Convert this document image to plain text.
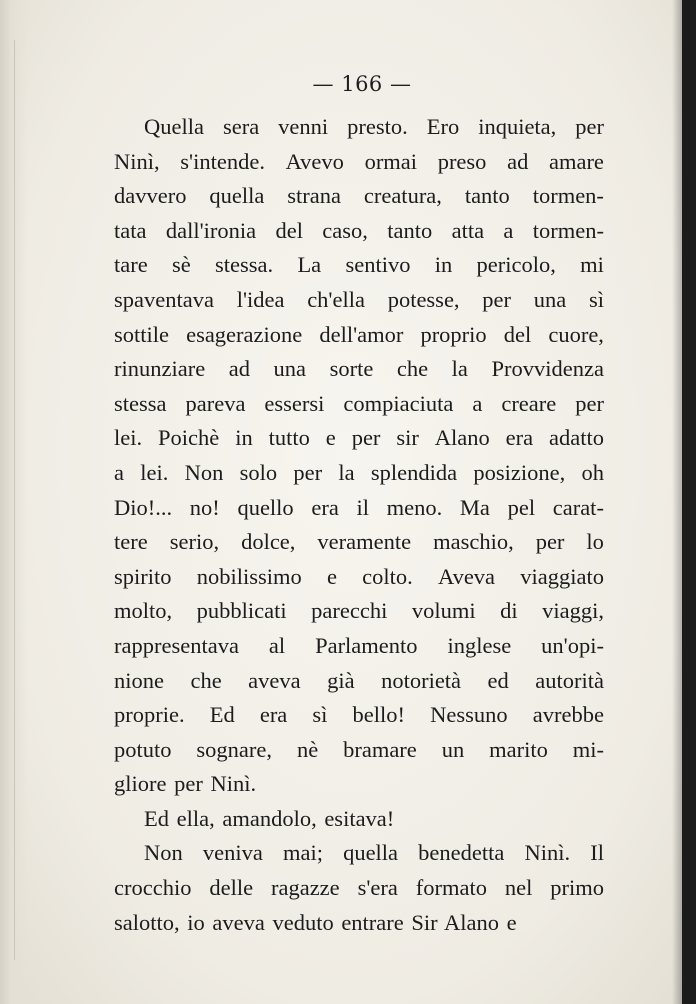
— 166 —
Quella sera venni presto. Ero inquieta, per
Ninì, s'intende. Avevo ormai preso ad amare
davvero quella strana creatura, tanto tormen-
tata dall'ironia del caso, tanto atta a tormen-
tare sè stessa. La sentivo in pericolo, mi
spaventava l'idea ch'ella potesse, per una sì
sottile esagerazione dell'amor proprio del cuore,
rinunziare ad una sorte che la Provvidenza
stessa pareva essersi compiaciuta a creare per
lei. Poichè in tutto e per sir Alano era adatto
a lei. Non solo per la splendida posizione, oh
Dio!... no! quello era il meno. Ma pel carat-
tere serio, dolce, veramente maschio, per lo
spirito nobilissimo e colto. Aveva viaggiato
molto, pubblicati parecchi volumi di viaggi,
rappresentava al Parlamento inglese un'opi-
nione che aveva già notorietà ed autorità
proprie. Ed era sì bello! Nessuno avrebbe
potuto sognare, nè bramare un marito mi-
gliore per Ninì.
Ed ella, amandolo, esitava!
Non veniva mai; quella benedetta Ninì. Il
crocchio delle ragazze s'era formato nel primo
salotto, io aveva veduto entrare Sir Alano e
